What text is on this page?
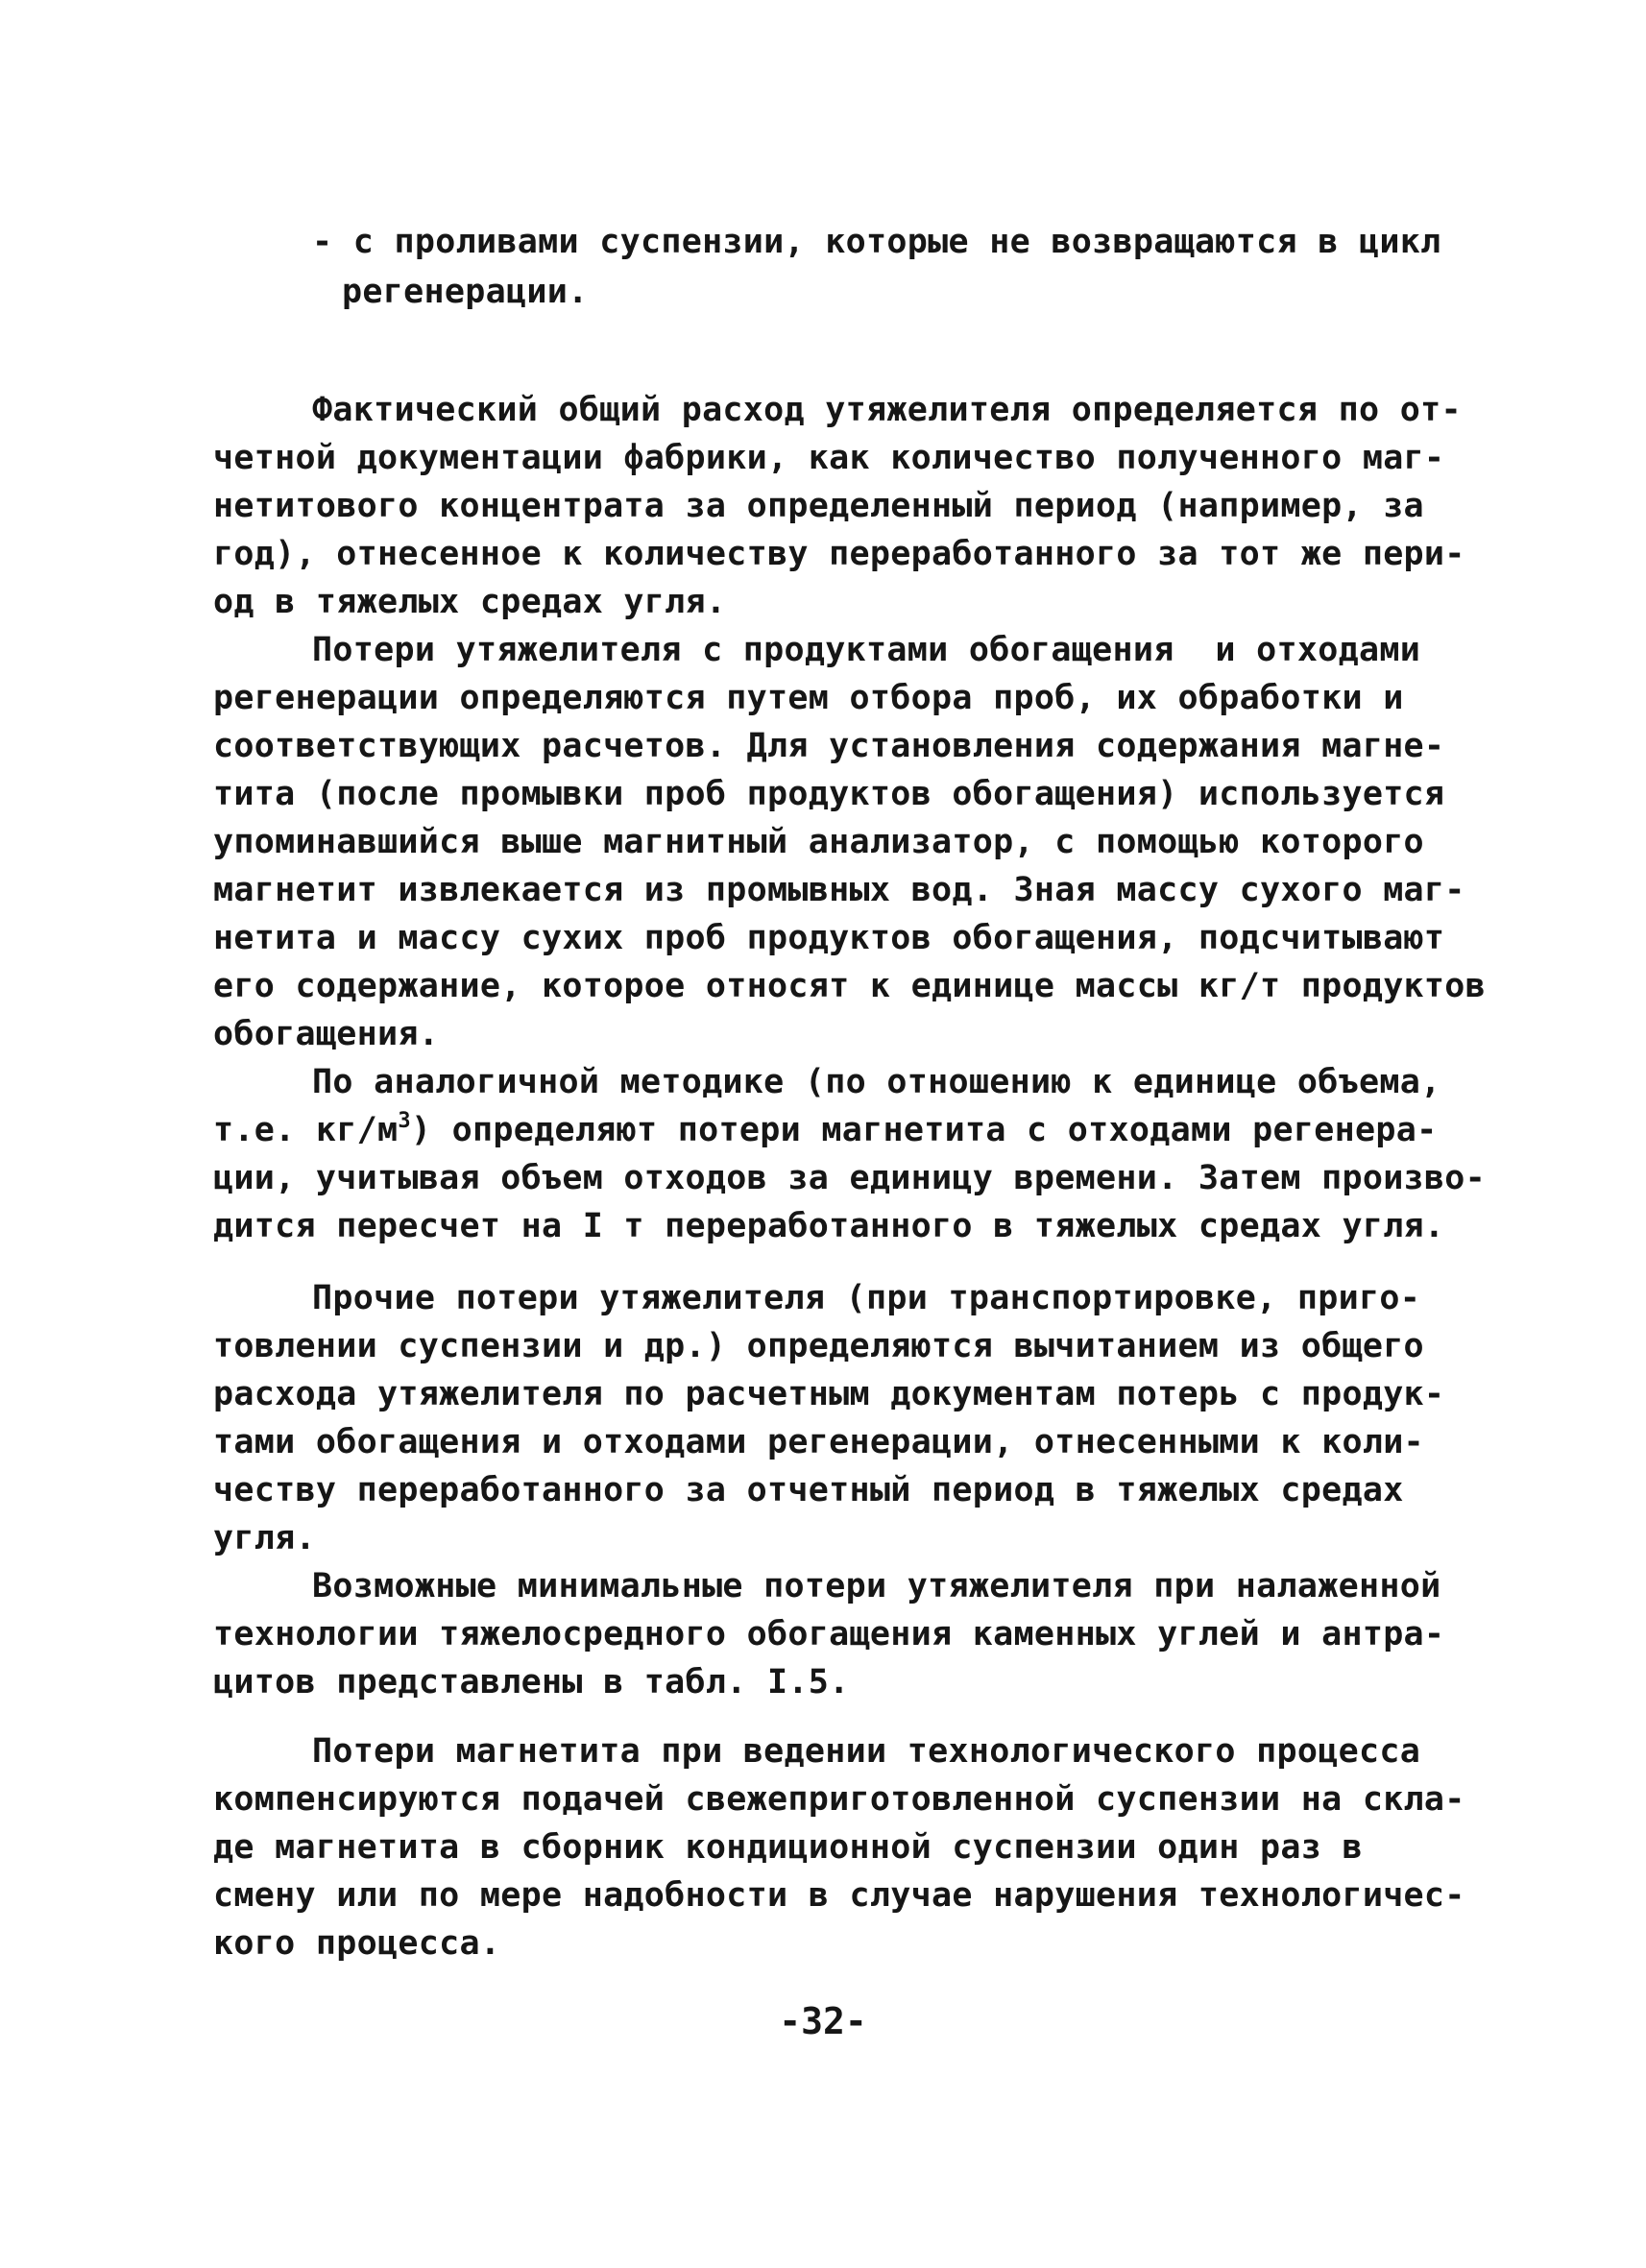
- с проливами суспензии, которые не возвращаются в цикл
регенерации.
Фактический общий расход утяжелителя определяется по от-
четной документации фабрики, как количество полученного маг-
нетитового концентрата за определенный период (например, за
год), отнесенное к количеству переработанного за тот же пери-
од в тяжелых средах угля.
Потери утяжелителя с продуктами обогащения  и отходами
регенерации определяются путем отбора проб, их обработки и
соответствующих расчетов. Для установления содержания магне-
тита (после промывки проб продуктов обогащения) используется
упоминавшийся выше магнитный анализатор, с помощью которого
магнетит извлекается из промывных вод. Зная массу сухого маг-
нетита и массу сухих проб продуктов обогащения, подсчитывают
его содержание, которое относят к единице массы кг/т продуктов
обогащения.
По аналогичной методике (по отношению к единице объема,
т.е. $кг/м^3$) определяют потери магнетита с отходами регенера-
ции, учитывая объем отходов за единицу времени. Затем произво-
дится пересчет на I т переработанного в тяжелых средах угля.
Прочие потери утяжелителя (при транспортировке, приго-
товлении суспензии и др.) определяются вычитанием из общего
расхода утяжелителя по расчетным документам потерь с продук-
тами обогащения и отходами регенерации, отнесенными к коли-
честву переработанного за отчетный период в тяжелых средах
угля.
Возможные минимальные потери утяжелителя при налаженной
технологии тяжелосредного обогащения каменных углей и антра-
цитов представлены в табл. I.5.
Потери магнетита при ведении технологического процесса
компенсируются подачей свежеприготовленной суспензии на скла-
де магнетита в сборник кондиционной суспензии один раз в
смену или по мере надобности в случае нарушения технологичес-
кого процесса.
-32-
